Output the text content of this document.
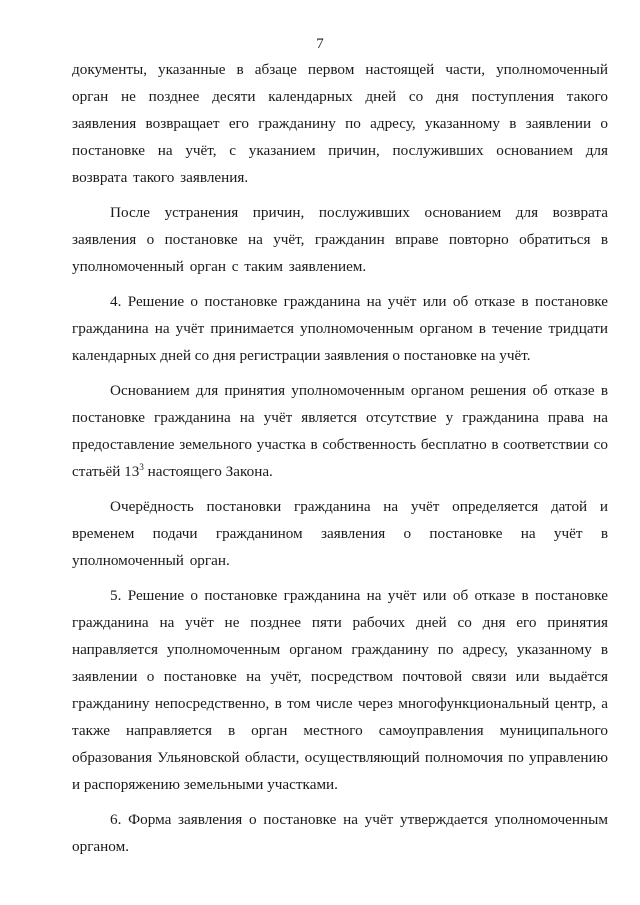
7

документы, указанные в абзаце первом настоящей части, уполномоченный орган не позднее десяти календарных дней со дня поступления такого заявления возвращает его гражданину по адресу, указанному в заявлении о постановке на учёт, с указанием причин, послуживших основанием для возврата такого заявления.

После устранения причин, послуживших основанием для возврата заявления о постановке на учёт, гражданин вправе повторно обратиться в уполномоченный орган с таким заявлением.

4. Решение о постановке гражданина на учёт или об отказе в постановке гражданина на учёт принимается уполномоченным органом в течение тридцати календарных дней со дня регистрации заявления о постановке на учёт.

Основанием для принятия уполномоченным органом решения об отказе в постановке гражданина на учёт является отсутствие у гражданина права на предоставление земельного участка в собственность бесплатно в соответствии со статьёй $13^3$ настоящего Закона.

Очерёдность постановки гражданина на учёт определяется датой и временем подачи гражданином заявления о постановке на учёт в уполномоченный орган.

5. Решение о постановке гражданина на учёт или об отказе в постановке гражданина на учёт не позднее пяти рабочих дней со дня его принятия направляется уполномоченным органом гражданину по адресу, указанному в заявлении о постановке на учёт, посредством почтовой связи или выдаётся гражданину непосредственно, в том числе через многофункциональный центр, а также направляется в орган местного самоуправления муниципального образования Ульяновской области, осуществляющий полномочия по управлению и распоряжению земельными участками.

6. Форма заявления о постановке на учёт утверждается уполномоченным органом.
